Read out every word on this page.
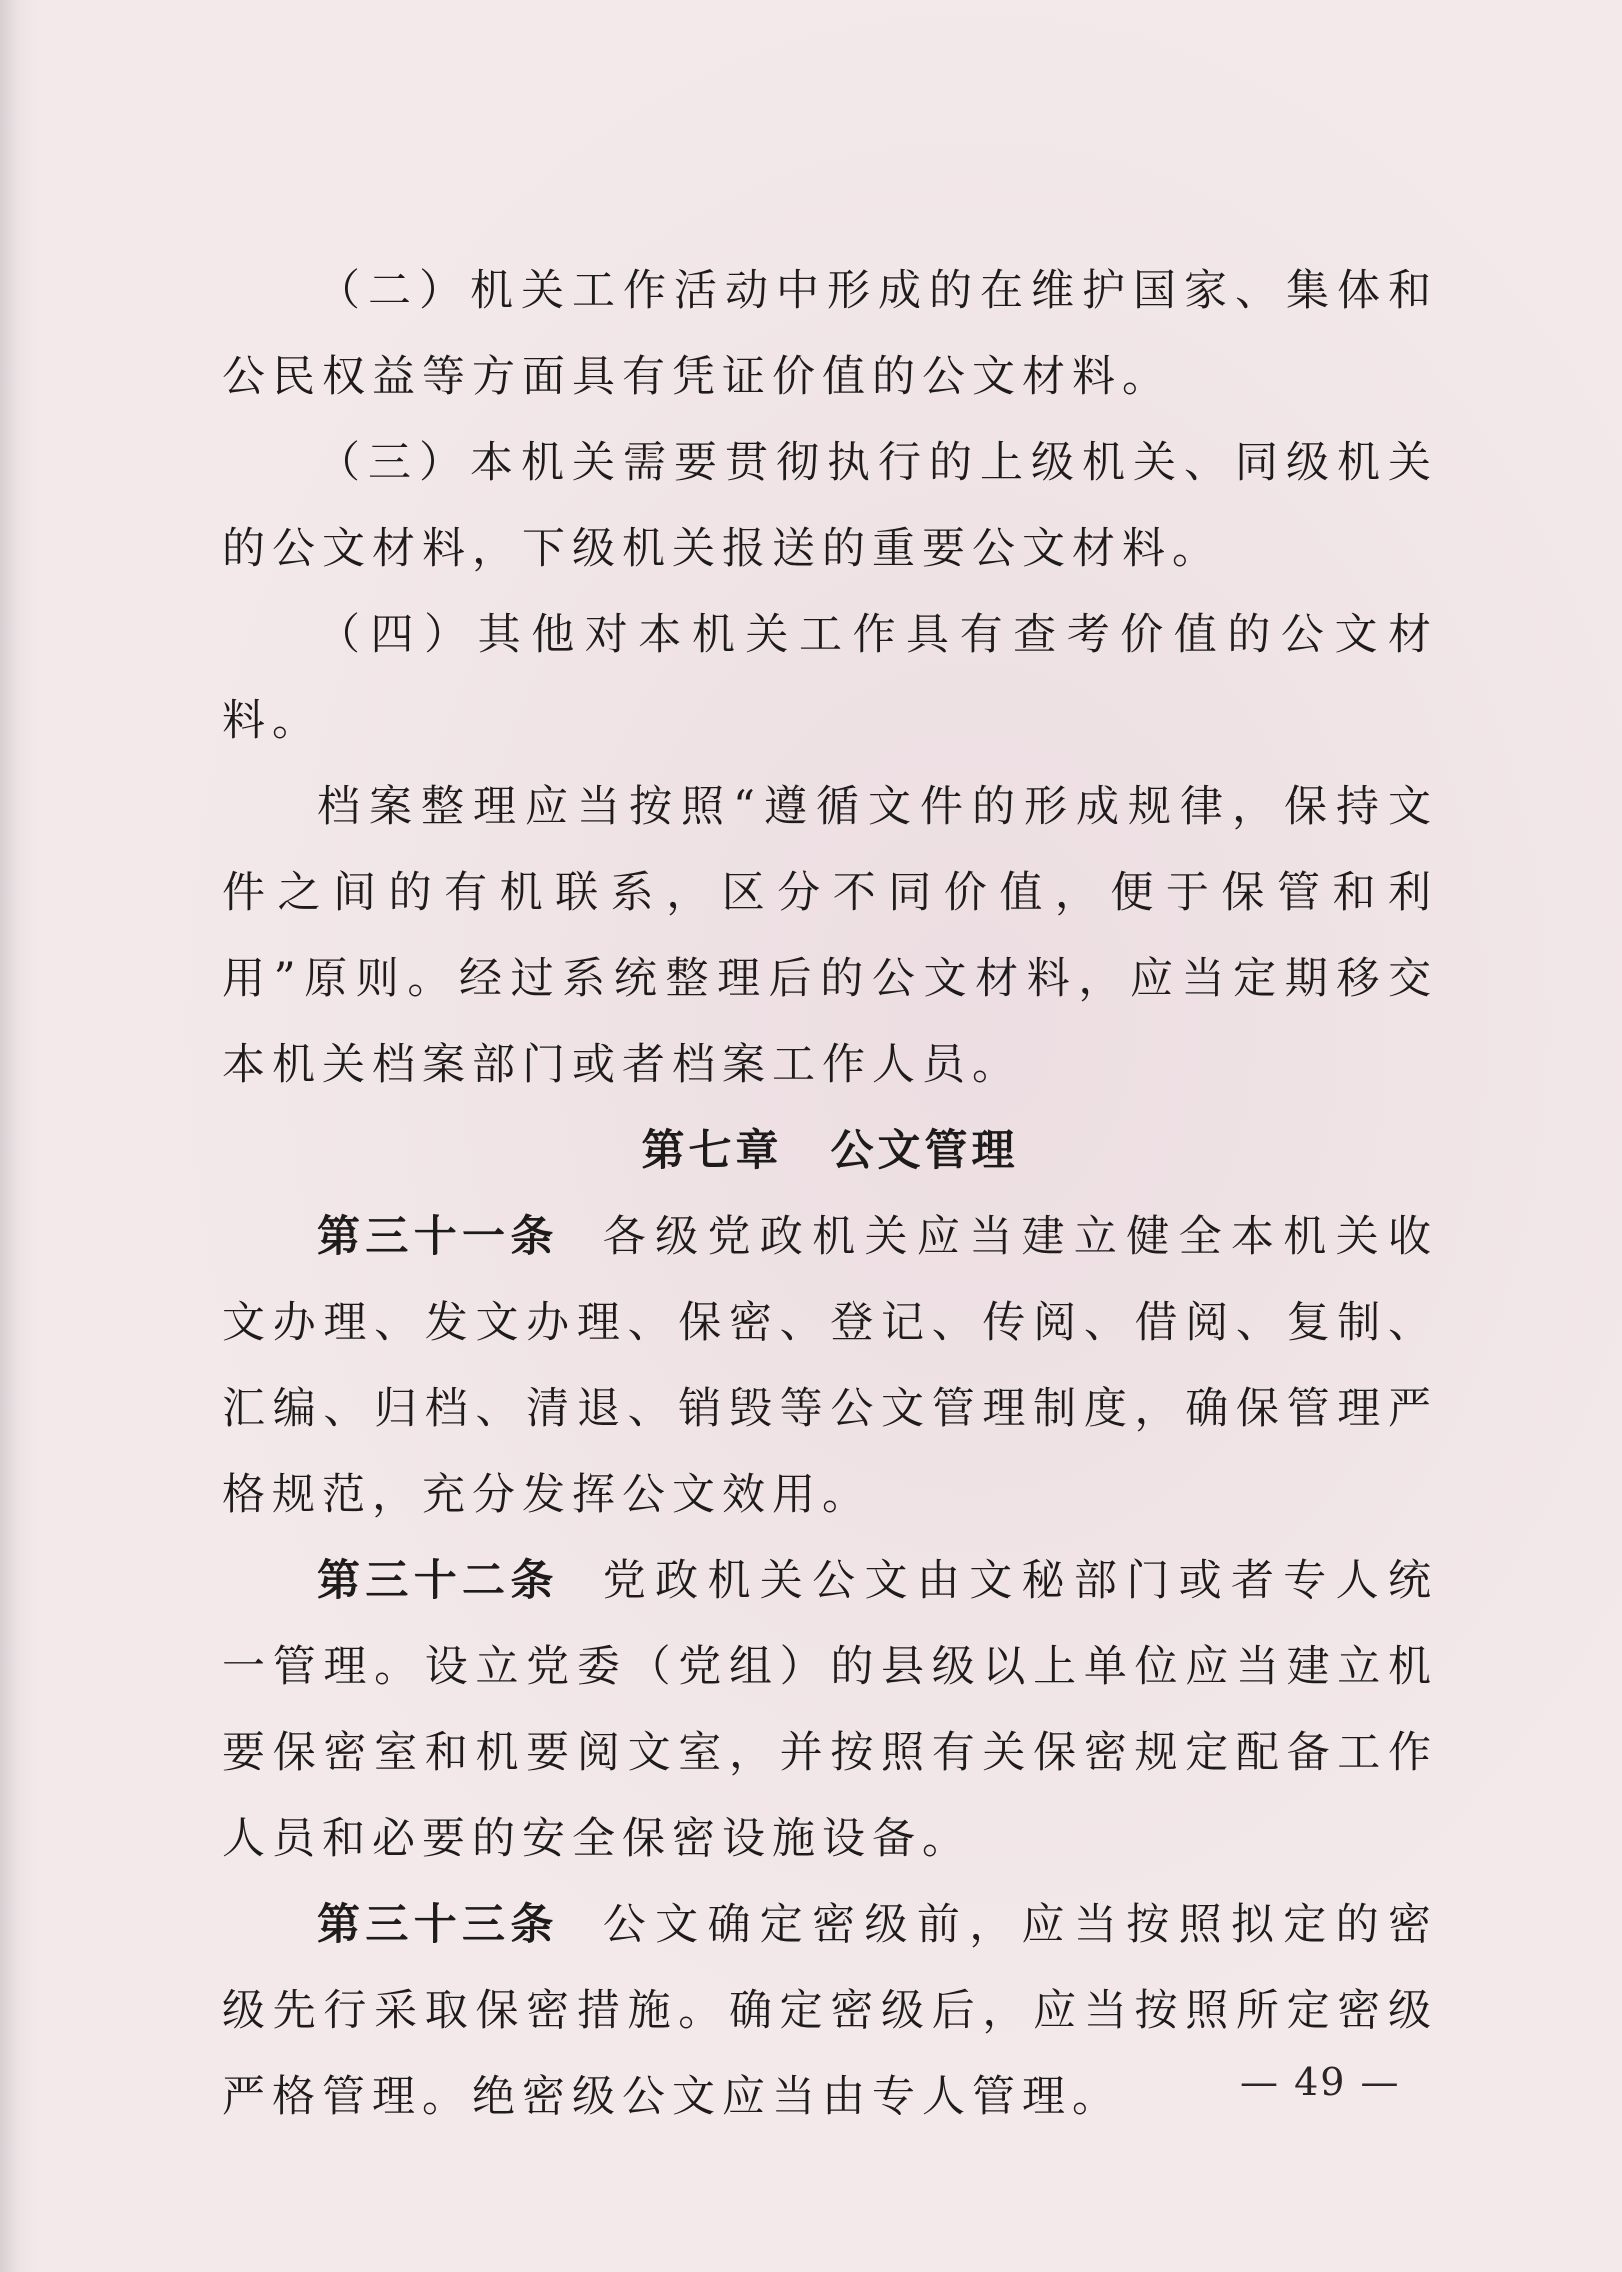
（二）机关工作活动中形成的在维护国家、集体和公民权益等方面具有凭证价值的公文材料。

（三）本机关需要贯彻执行的上级机关、同级机关的公文材料，下级机关报送的重要公文材料。

（四）其他对本机关工作具有查考价值的公文材料。

档案整理应当按照“遵循文件的形成规律，保持文件之间的有机联系，区分不同价值，便于保管和利用”原则。经过系统整理后的公文材料，应当定期移交本机关档案部门或者档案工作人员。

第七章 公文管理

第三十一条 各级党政机关应当建立健全本机关收文办理、发文办理、保密、登记、传阅、借阅、复制、汇编、归档、清退、销毁等公文管理制度，确保管理严格规范，充分发挥公文效用。

第三十二条 党政机关公文由文秘部门或者专人统一管理。设立党委（党组）的县级以上单位应当建立机要保密室和机要阅文室，并按照有关保密规定配备工作人员和必要的安全保密设施设备。

第三十三条 公文确定密级前，应当按照拟定的密级先行采取保密措施。确定密级后，应当按照所定密级严格管理。绝密级公文应当由专人管理。	— 49 —
